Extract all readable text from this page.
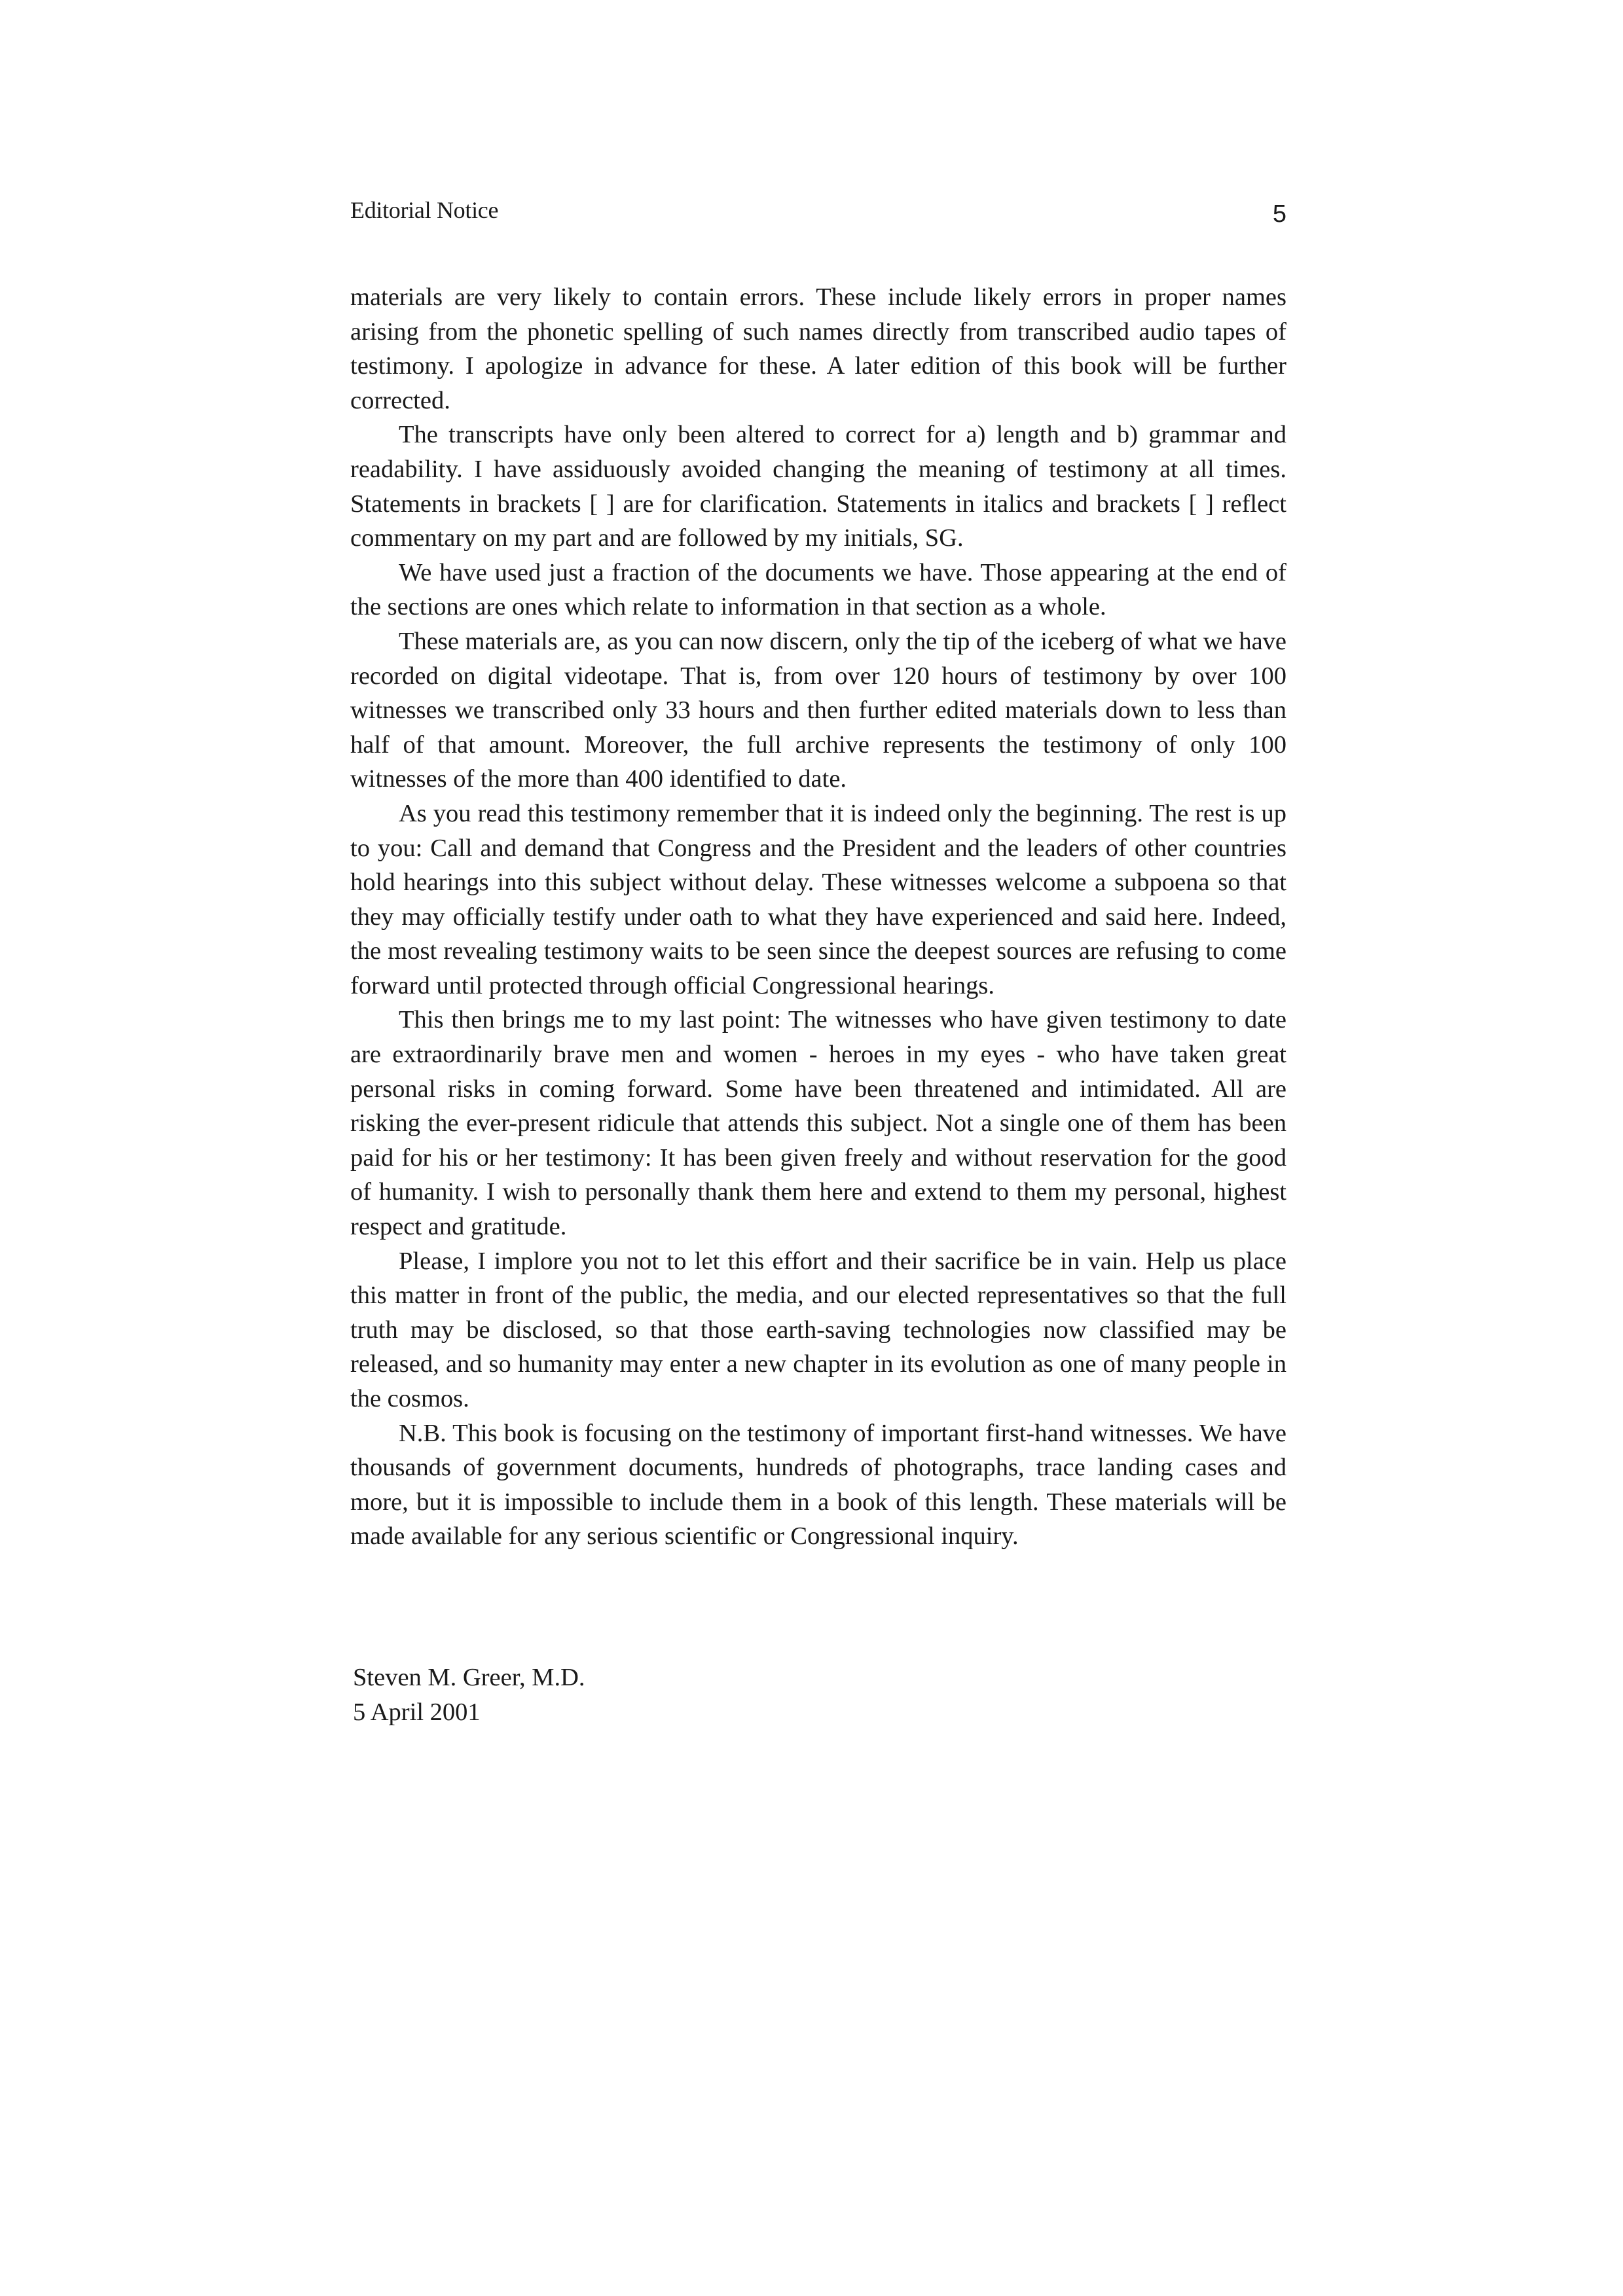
Editorial Notice	5

materials are very likely to contain errors. These include likely errors in proper names arising from the phonetic spelling of such names directly from transcribed audio tapes of testimony. I apologize in advance for these. A later edition of this book will be further corrected.

The transcripts have only been altered to correct for a) length and b) grammar and readability. I have assiduously avoided changing the meaning of testimony at all times. Statements in brackets [ ] are for clarification. Statements in italics and brackets [ ] reflect commentary on my part and are followed by my initials, SG.

We have used just a fraction of the documents we have. Those appearing at the end of the sections are ones which relate to information in that section as a whole.

These materials are, as you can now discern, only the tip of the iceberg of what we have recorded on digital videotape. That is, from over 120 hours of testimony by over 100 witnesses we transcribed only 33 hours and then further edited materials down to less than half of that amount. Moreover, the full archive represents the testimony of only 100 witnesses of the more than 400 identified to date.

As you read this testimony remember that it is indeed only the beginning. The rest is up to you: Call and demand that Congress and the President and the leaders of other countries hold hearings into this subject without delay. These witnesses welcome a subpoena so that they may officially testify under oath to what they have experienced and said here. Indeed, the most revealing testimony waits to be seen since the deepest sources are refusing to come forward until protected through official Congressional hearings.

This then brings me to my last point: The witnesses who have given testimony to date are extraordinarily brave men and women - heroes in my eyes - who have taken great personal risks in coming forward. Some have been threatened and intimidated. All are risking the ever-present ridicule that attends this subject. Not a single one of them has been paid for his or her testimony: It has been given freely and without reservation for the good of humanity. I wish to personally thank them here and extend to them my personal, highest respect and gratitude.

Please, I implore you not to let this effort and their sacrifice be in vain. Help us place this matter in front of the public, the media, and our elected representatives so that the full truth may be disclosed, so that those earth-saving technologies now classified may be released, and so humanity may enter a new chapter in its evolution as one of many people in the cosmos.

N.B. This book is focusing on the testimony of important first-hand witnesses. We have thousands of government documents, hundreds of photographs, trace landing cases and more, but it is impossible to include them in a book of this length. These materials will be made available for any serious scientific or Congressional inquiry.

Steven M. Greer, M.D.
5 April 2001
